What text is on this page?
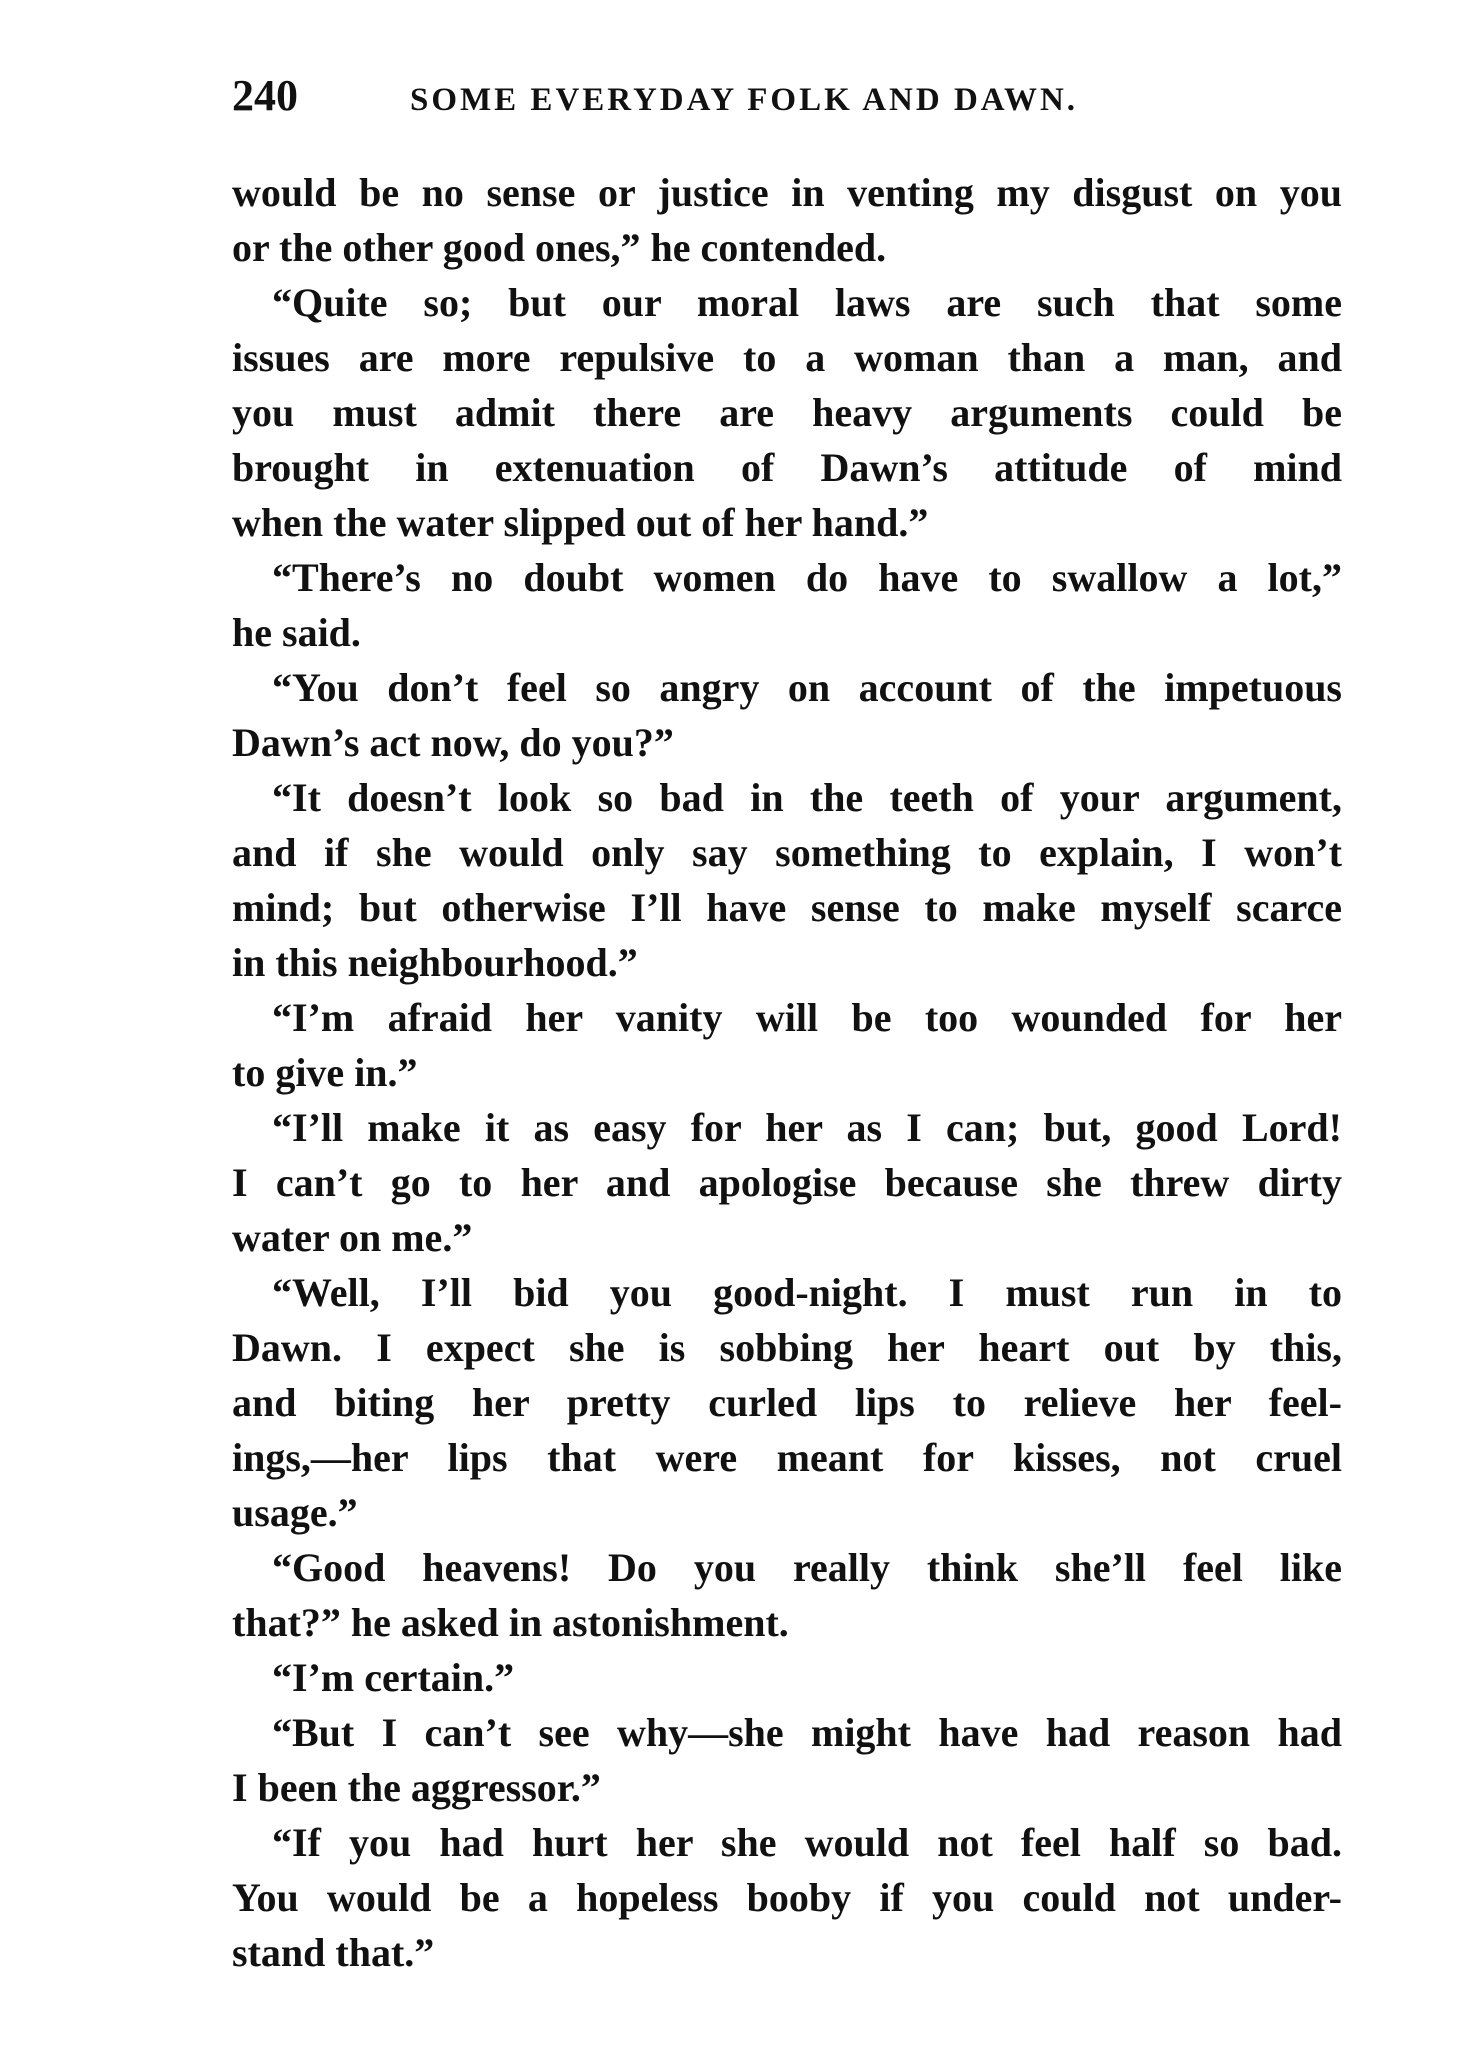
240	SOME EVERYDAY FOLK AND DAWN.
would be no sense or justice in venting my disgust on you
or the other good ones,” he contended.
“Quite so; but our moral laws are such that some
issues are more repulsive to a woman than a man, and
you must admit there are heavy arguments could be
brought in extenuation of Dawn’s attitude of mind
when the water slipped out of her hand.”
“There’s no doubt women do have to swallow a lot,”
he said.
“You don’t feel so angry on account of the impetuous
Dawn’s act now, do you?”
“It doesn’t look so bad in the teeth of your argument,
and if she would only say something to explain, I won’t
mind; but otherwise I’ll have sense to make myself scarce
in this neighbourhood.”
“I’m afraid her vanity will be too wounded for her
to give in.”
“I’ll make it as easy for her as I can; but, good Lord!
I can’t go to her and apologise because she threw dirty
water on me.”
“Well, I’ll bid you good-night. I must run in to
Dawn. I expect she is sobbing her heart out by this,
and biting her pretty curled lips to relieve her feel-
ings,—her lips that were meant for kisses, not cruel
usage.”
“Good heavens! Do you really think she’ll feel like
that?” he asked in astonishment.
“I’m certain.”
“But I can’t see why—she might have had reason had
I been the aggressor.”
“If you had hurt her she would not feel half so bad.
You would be a hopeless booby if you could not under-
stand that.”
